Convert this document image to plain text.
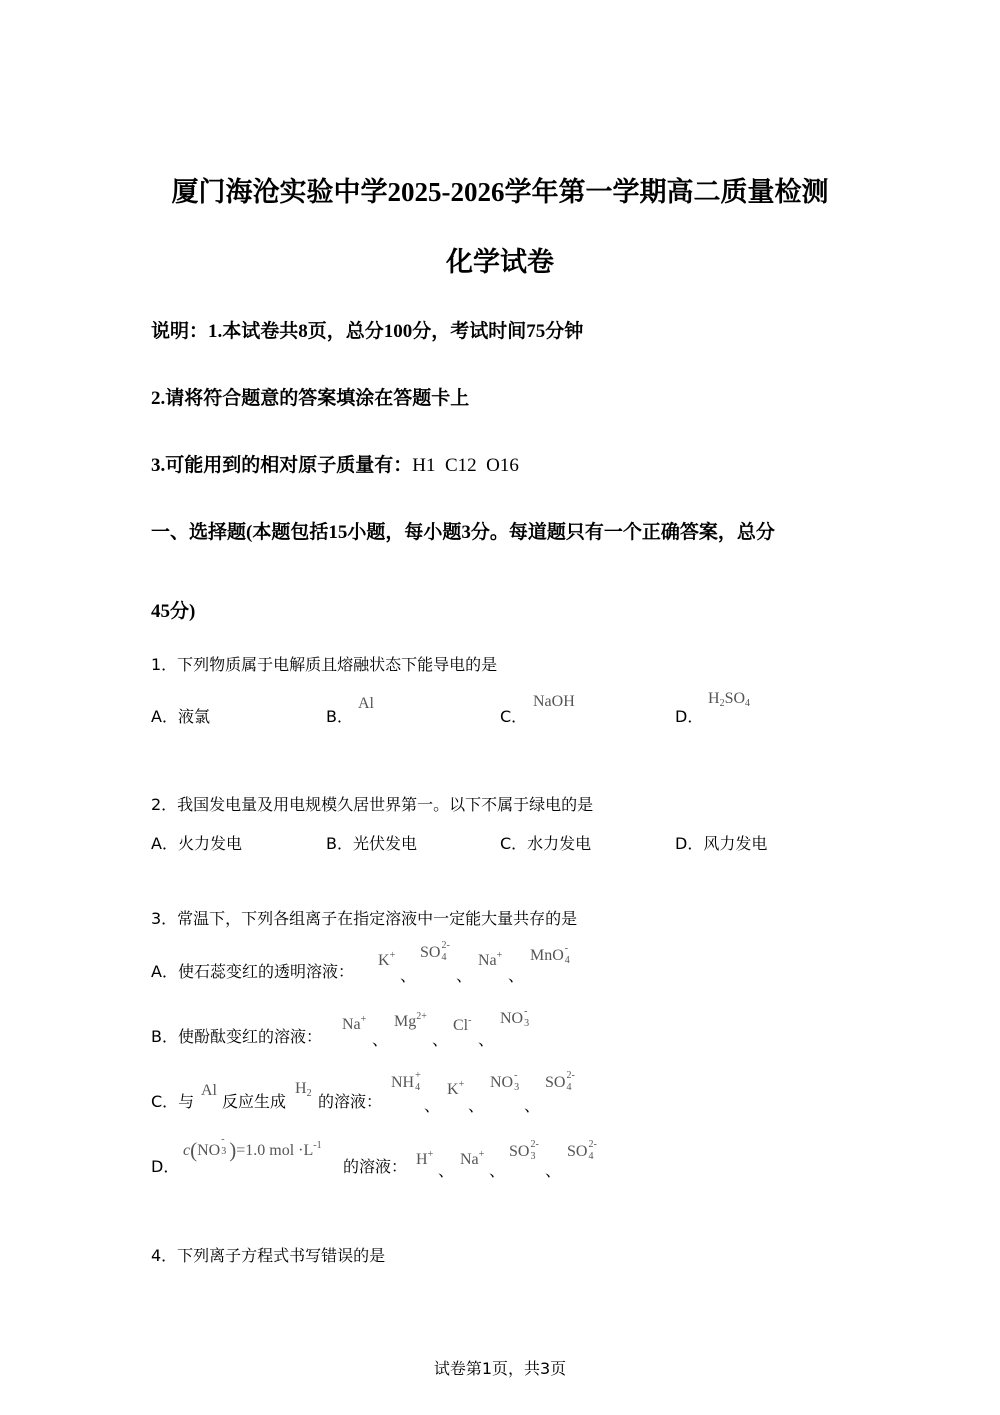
厦门海沧实验中学2025-2026学年第一学期高二质量检测
化学试卷
说明：1.本试卷共8页，总分100分，考试时间75分钟
2.请将符合题意的答案填涂在答题卡上
3.可能用到的相对原子质量有：H1  C12  O16
一、选择题(本题包括15小题，每小题3分。每道题只有一个正确答案，总分
45分)
1．下列物质属于电解质且熔融状态下能导电的是
A．液氯	B．
Al
C．
NaOH
D．
$H_2SO_4$
2．我国发电量及用电规模久居世界第一。以下不属于绿电的是
A．火力发电	B．光伏发电	C．水力发电	D．风力发电
3．常温下，下列各组离子在指定溶液中一定能大量共存的是
A．使石蕊变红的透明溶液：
K+
、
SO 2-
4
、
Na+
、
MnO -
4
B．使酚酞变红的溶液：
Na+
、
$Mg^{2+}$
、
Cl-
、
NO -
3
C．与
Al
反应生成
$H_2$ 的溶液：
NH +
4
、
K+
、
NO -
3
、
SO 2-
4
D．
c(NO
-
3 )=1.0 mol $\cdot L^{-1}$
的溶液： H+
、
Na+
、
SO 2-
3
、
SO 2-
4
4．下列离子方程式书写错误的是
试卷第1页，共3页
